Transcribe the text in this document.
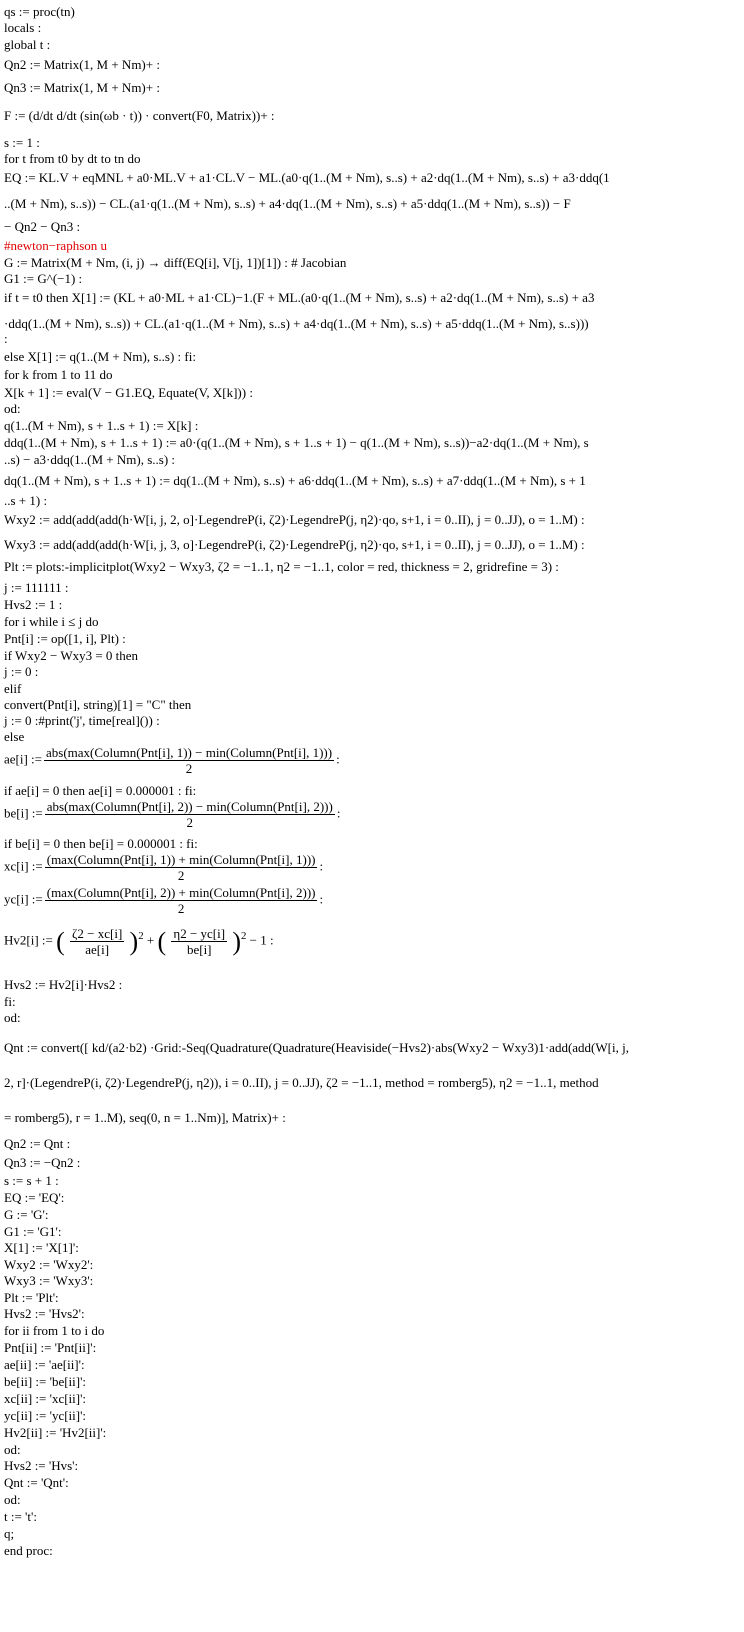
qs := proc(tn)
locals :
global t :
Qn2 := Matrix(1, M + Nm)+ :
Qn3 := Matrix(1, M + Nm)+ :
F := (d/dt d/dt (sin(ωb · t)) · convert(F0, Matrix))+ :
s := 1 :
for t from t0 by dt to tn do
EQ := KL.V + eqMNL + a0·ML.V + a1·CL.V − ML.(a0·q(1..(M + Nm), s..s) + a2·dq(1..(M + Nm), s..s) + a3·ddq(1
..(M + Nm), s..s)) − CL.(a1·q(1..(M + Nm), s..s) + a4·dq(1..(M + Nm), s..s) + a5·ddq(1..(M + Nm), s..s)) − F
− Qn2 − Qn3 :
#newton−raphson u
G := Matrix(M + Nm, (i, j) → diff(EQ[i], V[j, 1])[1]) : # Jacobian
G1 := G^(−1) :
if t = t0 then X[1] := (KL + a0·ML + a1·CL)−1.(F + ML.(a0·q(1..(M + Nm), s..s) + a2·dq(1..(M + Nm), s..s) + a3
·ddq(1..(M + Nm), s..s)) + CL.(a1·q(1..(M + Nm), s..s) + a4·dq(1..(M + Nm), s..s) + a5·ddq(1..(M + Nm), s..s)))
:
else X[1] := q(1..(M + Nm), s..s) : fi:
for k from 1 to 11 do
X[k + 1] := eval(V − G1.EQ, Equate(V, X[k])) :
od:
q(1..(M + Nm), s + 1..s + 1) := X[k] :
ddq(1..(M + Nm), s + 1..s + 1) := a0·(q(1..(M + Nm), s + 1..s + 1) − q(1..(M + Nm), s..s))−a2·dq(1..(M + Nm), s
..s) − a3·ddq(1..(M + Nm), s..s) :
dq(1..(M + Nm), s + 1..s + 1) := dq(1..(M + Nm), s..s) + a6·ddq(1..(M + Nm), s..s) + a7·ddq(1..(M + Nm), s + 1
..s + 1) :
Wxy2 := add(add(add(h·W[i, j, 2, o]·LegendreP(i, ζ2)·LegendreP(j, η2)·qo, s+1, i = 0..II), j = 0..JJ), o = 1..M) :
Wxy3 := add(add(add(h·W[i, j, 3, o]·LegendreP(i, ζ2)·LegendreP(j, η2)·qo, s+1, i = 0..II), j = 0..JJ), o = 1..M) :
Plt := plots:-implicitplot(Wxy2 − Wxy3, ζ2 = −1..1, η2 = −1..1, color = red, thickness = 2, gridrefine = 3) :
j := 111111 :
Hvs2 := 1 :
for i while i ≤ j do
Pnt[i] := op([1, i], Plt) :
if Wxy2 − Wxy3 = 0 then
j := 0 :
elif
convert(Pnt[i], string)[1] = "C" then
j := 0 :#print('j', time[real]()) :
else
if ae[i] = 0 then ae[i] = 0.000001 : fi:
if be[i] = 0 then be[i] = 0.000001 : fi:
Hvs2 := Hv2[i]·Hvs2 :
fi:
od:
Qnt := convert([ kd/(a2·b2) ·Grid:-Seq(Quadrature(Quadrature(Heaviside(−Hvs2)·abs(Wxy2 − Wxy3)1·add(add(W[i, j,
2, r]·(LegendreP(i, ζ2)·LegendreP(j, η2)), i = 0..II), j = 0..JJ), ζ2 = −1..1, method = romberg5), η2 = −1..1, method
= romberg5), r = 1..M), seq(0, n = 1..Nm)], Matrix)+ :
Qn2 := Qnt :
Qn3 := −Qn2 :
s := s + 1 :
EQ := 'EQ':
G := 'G':
G1 := 'G1':
X[1] := 'X[1]':
Wxy2 := 'Wxy2':
Wxy3 := 'Wxy3':
Plt := 'Plt':
Hvs2 := 'Hvs2':
for ii from 1 to i do
Pnt[ii] := 'Pnt[ii]':
ae[ii] := 'ae[ii]':
be[ii] := 'be[ii]':
xc[ii] := 'xc[ii]':
yc[ii] := 'yc[ii]':
Hv2[ii] := 'Hv2[ii]':
od:
Hvs2 := 'Hvs':
Qnt := 'Qnt':
od:
t := 't':
q;
end proc:
ae[i] := $\frac{\text{abs(max(Column(Pnt[i], 1)) − min(Column(Pnt[i], 1)))}}{2}$ :
be[i] := $\frac{\text{abs(max(Column(Pnt[i], 2)) − min(Column(Pnt[i], 2)))}}{2}$ :
xc[i] := $\frac{\text{(max(Column(Pnt[i], 1)) + min(Column(Pnt[i], 1)))}}{2}$ :
yc[i] := $\frac{\text{(max(Column(Pnt[i], 2)) + min(Column(Pnt[i], 2)))}}{2}$ :
Hv2[i] := ( $\frac{\zeta 2 - xc[i]}{ae[i]} )^2$ + ( $\frac{\eta 2 - yc[i]}{be[i]} )^2 - 1$ :
